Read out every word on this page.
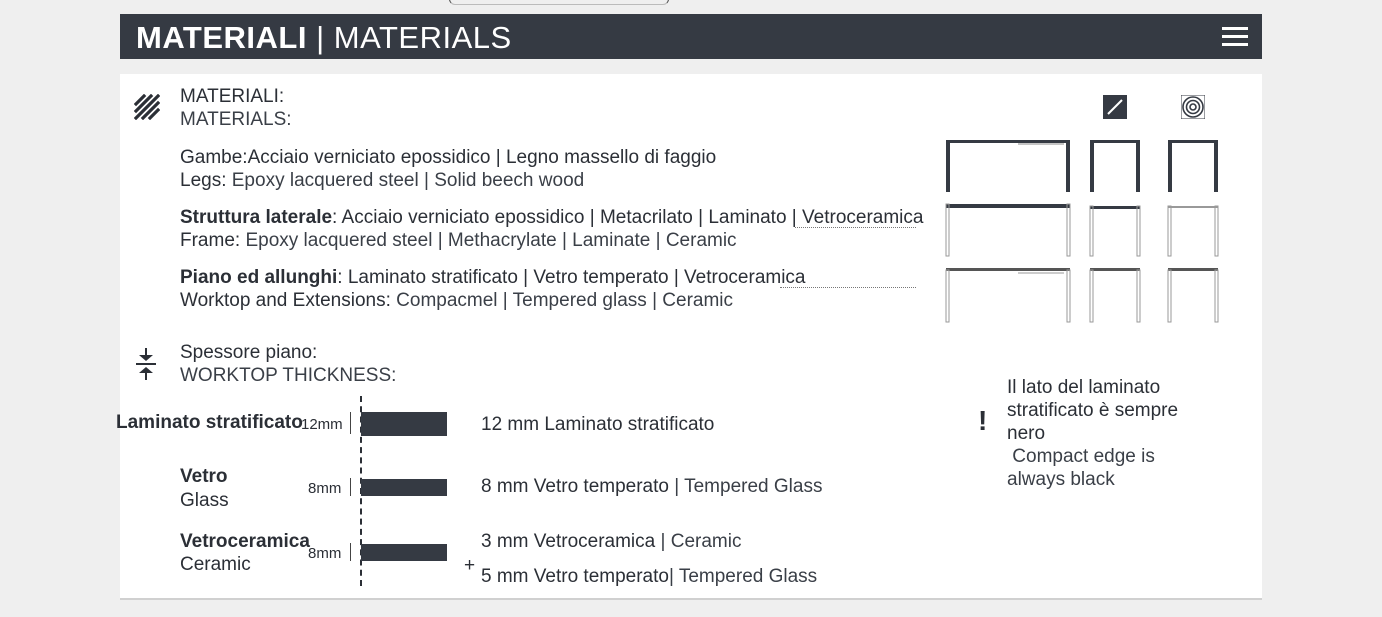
MATERIALI | MATERIALS
MATERIALI:
MATERIALS:
Gambe:Acciaio verniciato epossidico | Legno massello di faggio
Legs: Epoxy lacquered steel | Solid beech wood
Struttura laterale: Acciaio verniciato epossidico | Metacrilato | Laminato | Vetroceramica
Frame: Epoxy lacquered steel | Methacrylate | Laminate | Ceramic
Piano ed allunghi: Laminato stratificato | Vetro temperato | Vetroceramica
Worktop and Extensions: Compacmel | Tempered glass | Ceramic
Spessore piano:
WORKTOP THICKNESS:
Laminato stratificato
12mm	12 mm Laminato stratificato
Vetro
Glass
8mm	8 mm Vetro temperato | Tempered Glass
Vetroceramica
Ceramic
8mm
3 mm Vetroceramica | Ceramic
+
5 mm Vetro temperato| Tempered Glass
!
Il lato del laminato
stratificato è sempre
nero
Compact edge is
always black
